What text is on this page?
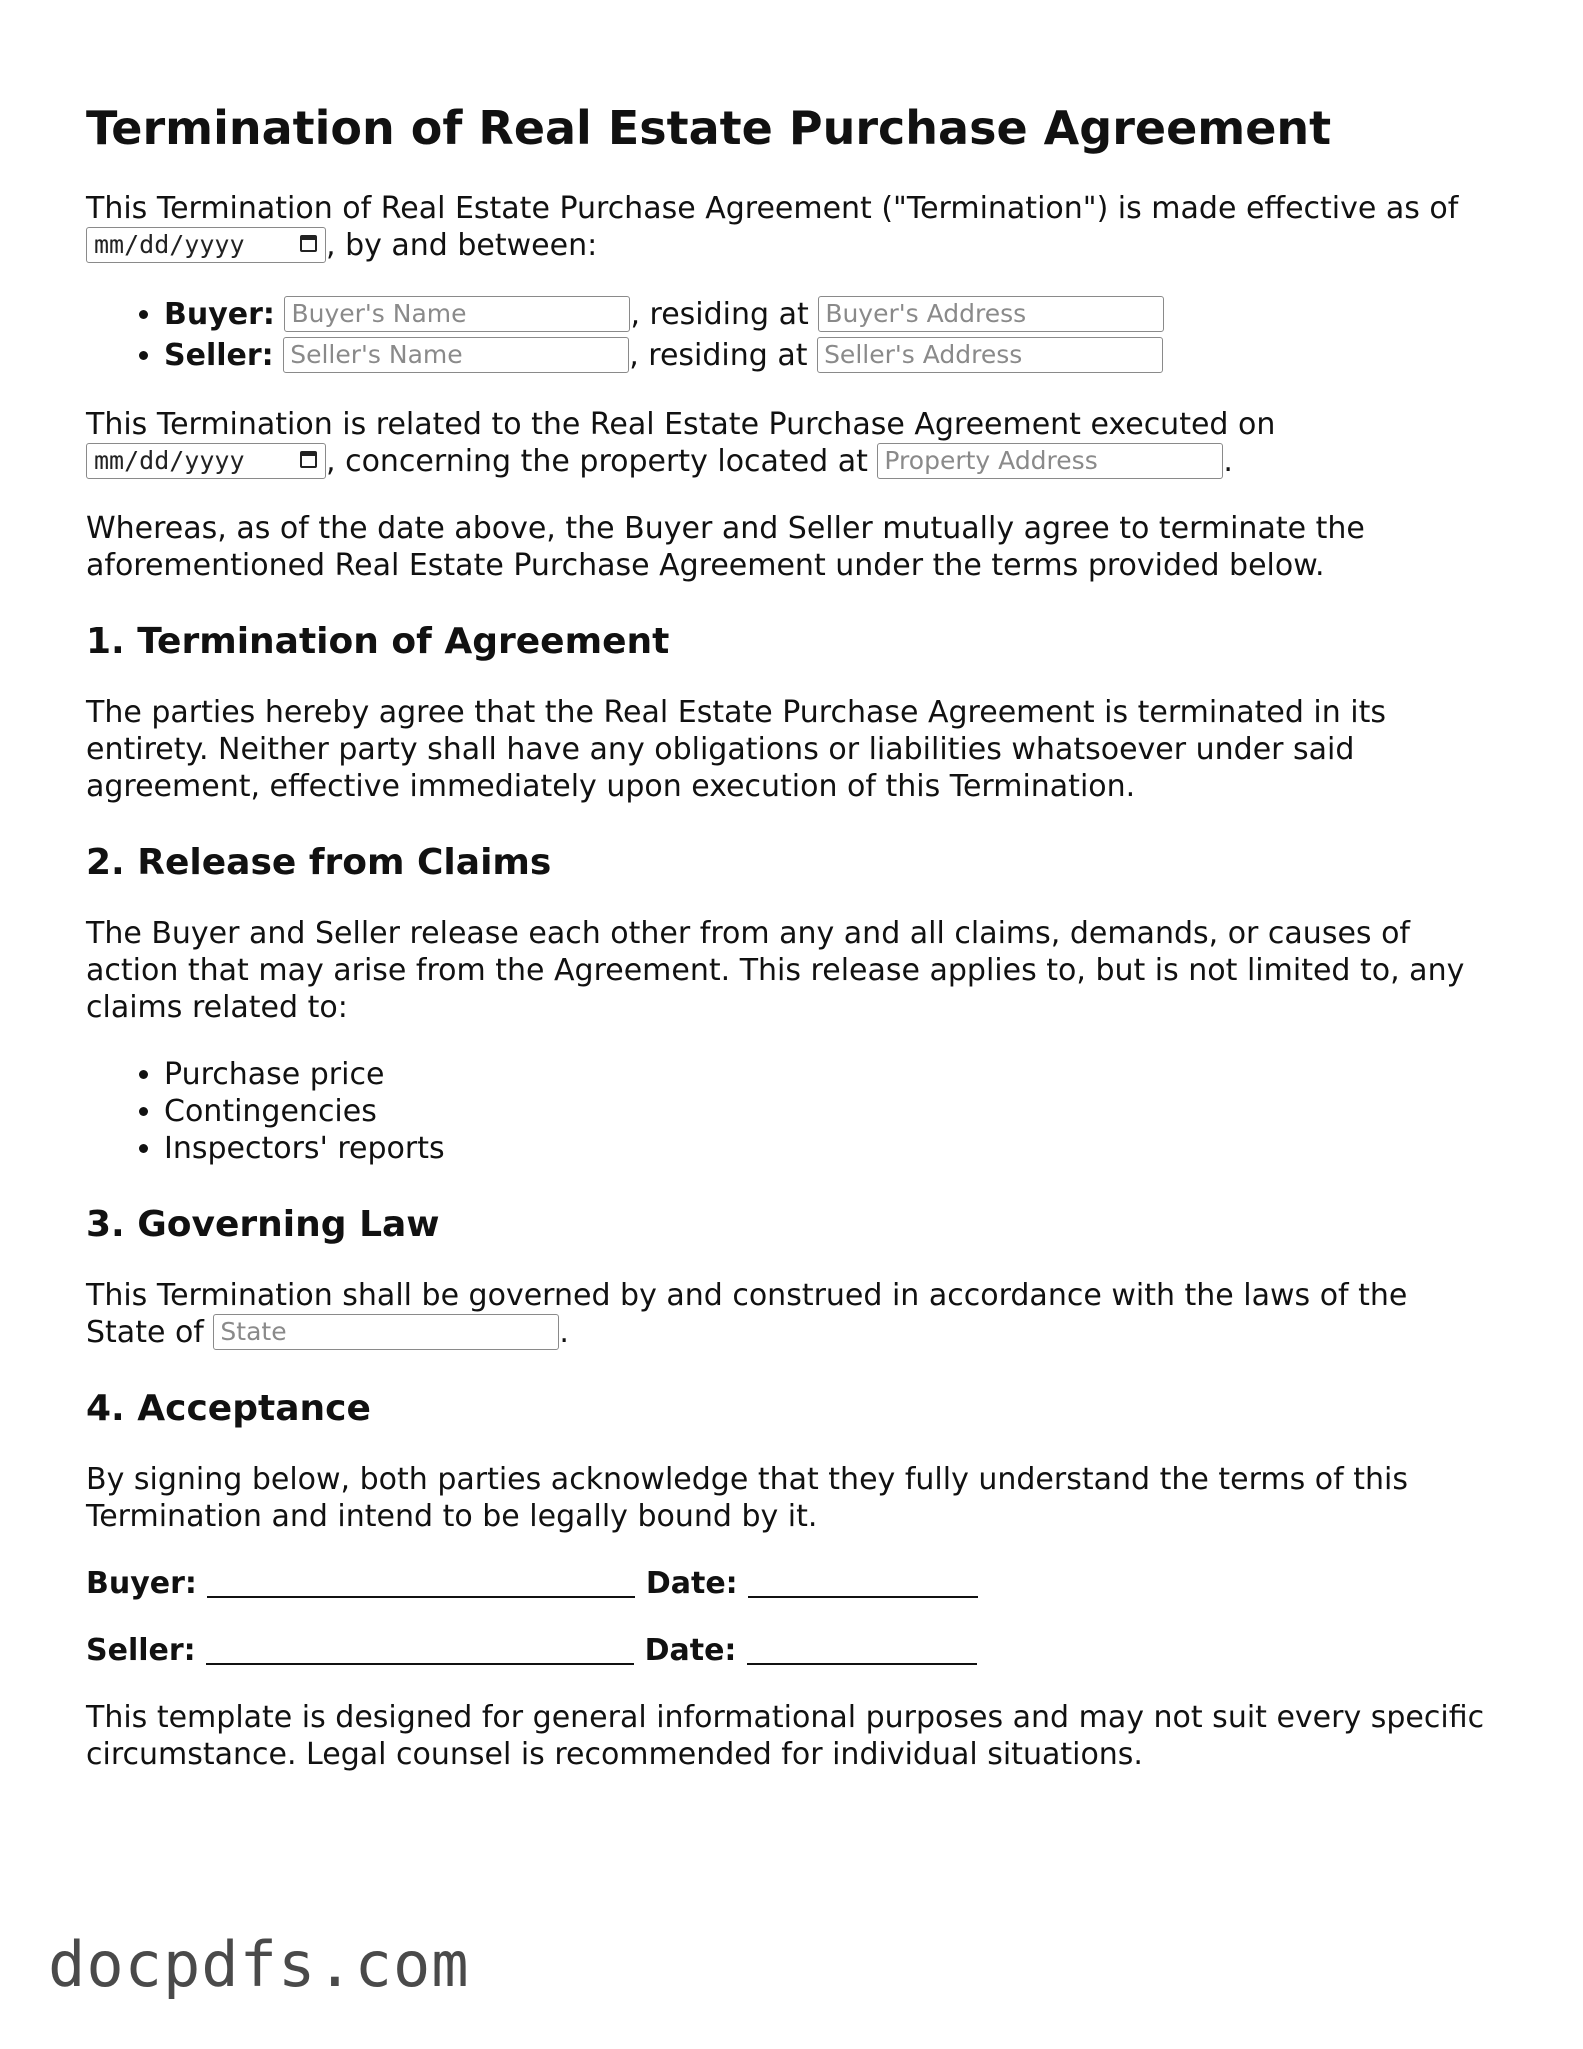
Termination of Real Estate Purchase Agreement

This Termination of Real Estate Purchase Agreement ("Termination") is made effective as of mm/dd/yyyy	, by and between:

• Buyer: Buyer's Name	, residing at Buyer's Address
• Seller: Seller's Name	, residing at Seller's Address

This Termination is related to the Real Estate Purchase Agreement executed on
mm/dd/yyyy	, concerning the property located at Property Address	.

Whereas, as of the date above, the Buyer and Seller mutually agree to terminate the aforementioned Real Estate Purchase Agreement under the terms provided below.

1. Termination of Agreement

The parties hereby agree that the Real Estate Purchase Agreement is terminated in its entirety. Neither party shall have any obligations or liabilities whatsoever under said agreement, effective immediately upon execution of this Termination.

2. Release from Claims

The Buyer and Seller release each other from any and all claims, demands, or causes of action that may arise from the Agreement. This release applies to, but is not limited to, any claims related to:

• Purchase price
• Contingencies
• Inspectors' reports
3. Governing Law

This Termination shall be governed by and construed in accordance with the laws of the State of State	.

4. Acceptance

By signing below, both parties acknowledge that they fully understand the terms of this Termination and intend to be legally bound by it.

Buyer:	Date:
Seller:	Date:

This template is designed for general informational purposes and may not suit every specific circumstance. Legal counsel is recommended for individual situations.

docpdfs.com
